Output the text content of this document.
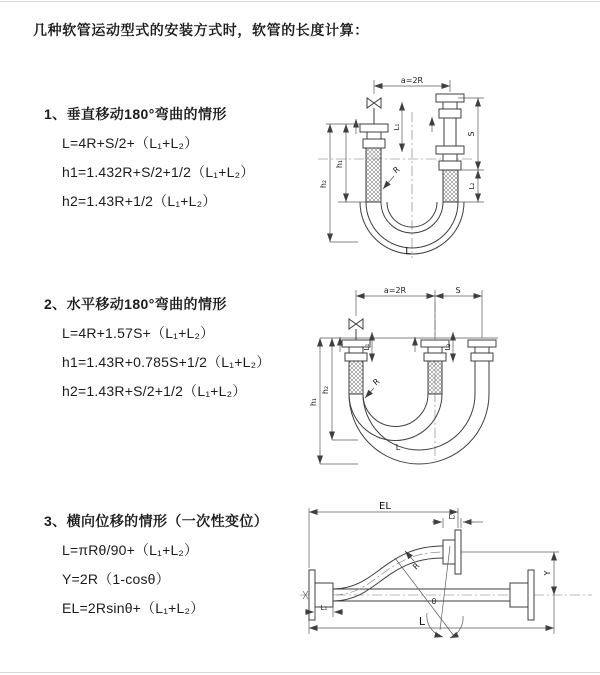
几种软管运动型式的安装方式时，软管的长度计算：
1、垂直移动180°弯曲的情形
L=4R+S/2+（L₁+L₂）
h1=1.432R+S/2+1/2（L₁+L₂）
h2=1.43R+1/2（L₁+L₂）
a=2R
S
L₂
L₁
h₁
h₂
R
L
2、水平移动180°弯曲的情形
L=4R+1.57S+（L₁+L₂）
h1=1.43R+0.785S+1/2（L₁+L₂）
h2=1.43R+S/2+1/2（L₁+L₂）
a=2R	S
L₁	L₂
h₂
h₁
R
L
3、横向位移的情形（一次性变位）
L=πRθ/90+（L₁+L₂）
Y=2R（1-cosθ）
EL=2Rsinθ+（L₁+L₂）
EL
L₂
Y
θ
R
L₁
L
